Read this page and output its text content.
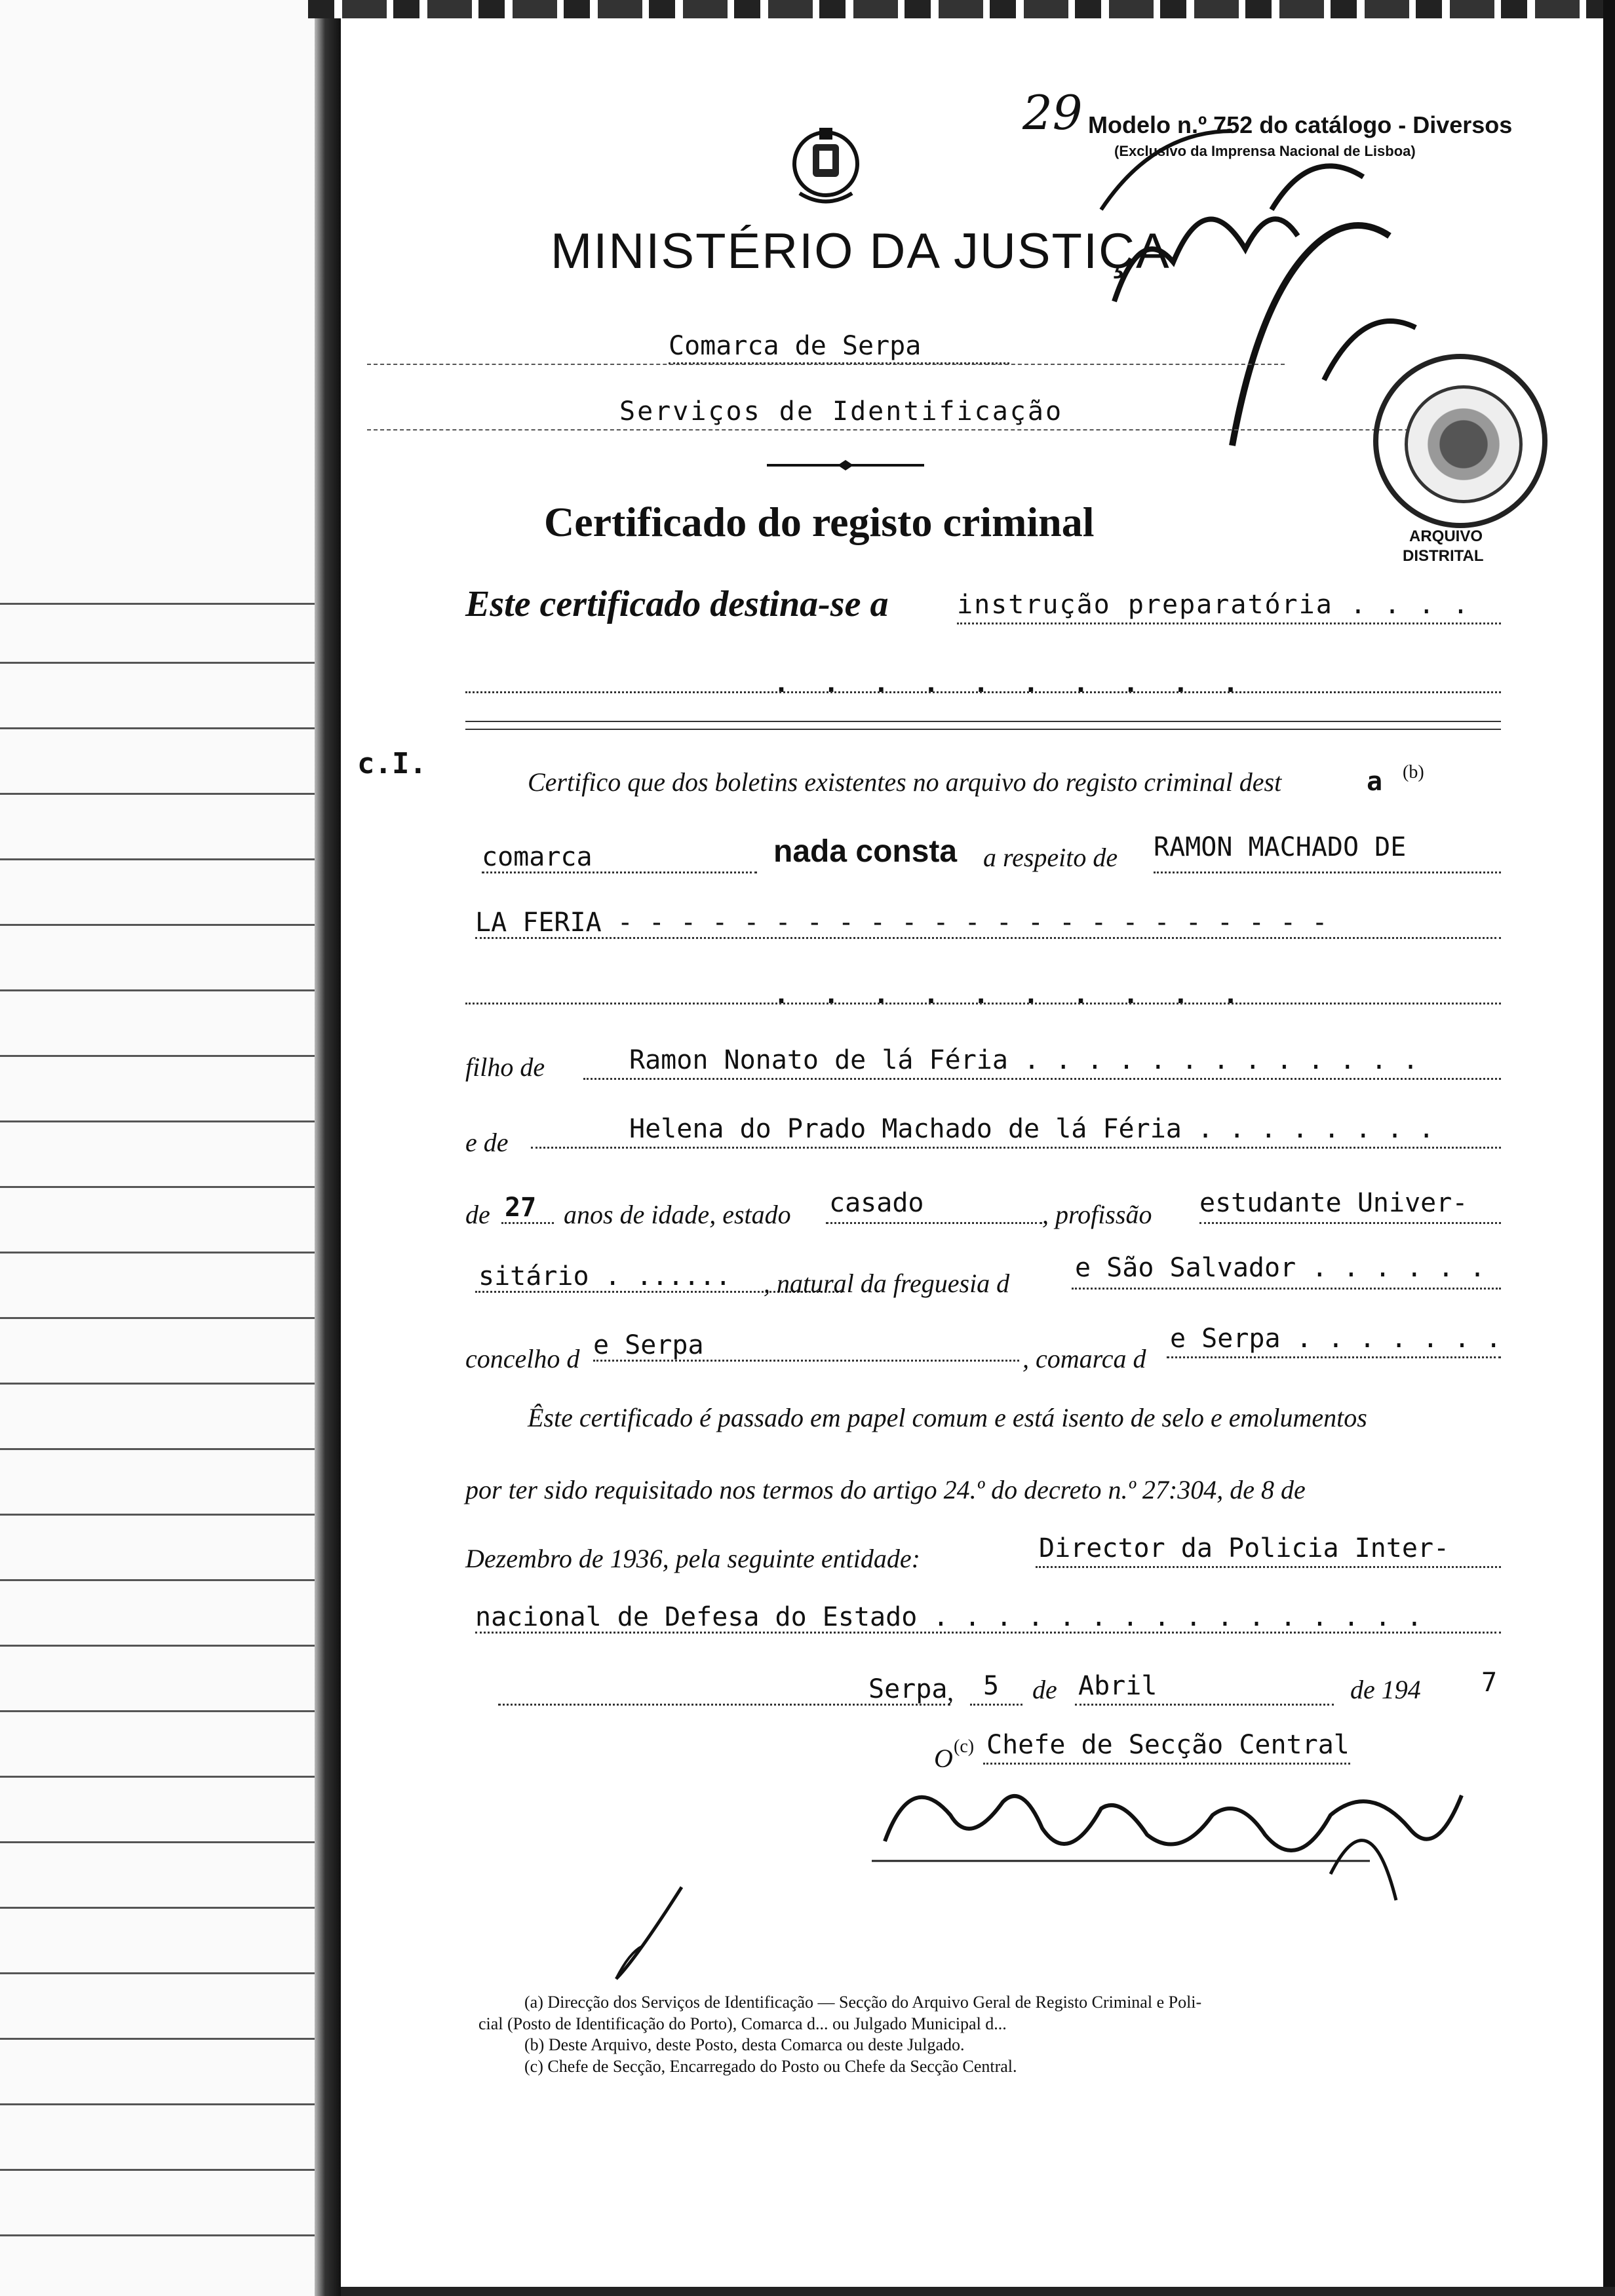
c.I.
29 Modelo n.º 752 do catálogo - Diversos
(Exclusivo da Imprensa Nacional de Lisboa)
MINISTÉRIO DA JUSTIÇA
Comarca de Serpa
Serviços de Identificação
ARQUIVO
DISTRITAL
Certificado do registo criminal
Este certificado destina-se a	instrução preparatória . . . .
. . . . . . . . . .
Certifico que dos boletins existentes no arquivo do registo criminal dest	a (b)
comarca	nada consta a respeito de RAMON MACHADO DE
LA FERIA - - - - - - - - - - - - - - - - - - - - - - -
. . . . . . . . . .
filho de	Ramon Nonato de lá Féria . . . . . . . . . . . . .
e de	Helena do Prado Machado de lá Féria . . . . . . . .
de 27 anos de idade, estado casado	, profissão estudante Univer-
sitário . ...... , natural da freguesia d
e São Salvador . . . . . .
concelho d e Serpa	, comarca d
e Serpa . . . . . . .
Êste certificado é passado em papel comum e está isento de selo e emolumentos
por ter sido requisitado nos termos do artigo 24.º do decreto n.º 27:304, de 8 de
Dezembro de 1936, pela seguinte entidade:	Director da Policia Inter-
nacional de Defesa do Estado . . . . . . . . . . . . . . . .
Serpa , 5 de Abril	de 194 7
O (c) Chefe de Secção Central
(a) Direcção dos Serviços de Identificação — Secção do Arquivo Geral de Registo Criminal e Poli-
cial (Posto de Identificação do Porto), Comarca d... ou Julgado Municipal d...
(b) Deste Arquivo, deste Posto, desta Comarca ou deste Julgado.
(c) Chefe de Secção, Encarregado do Posto ou Chefe da Secção Central.
